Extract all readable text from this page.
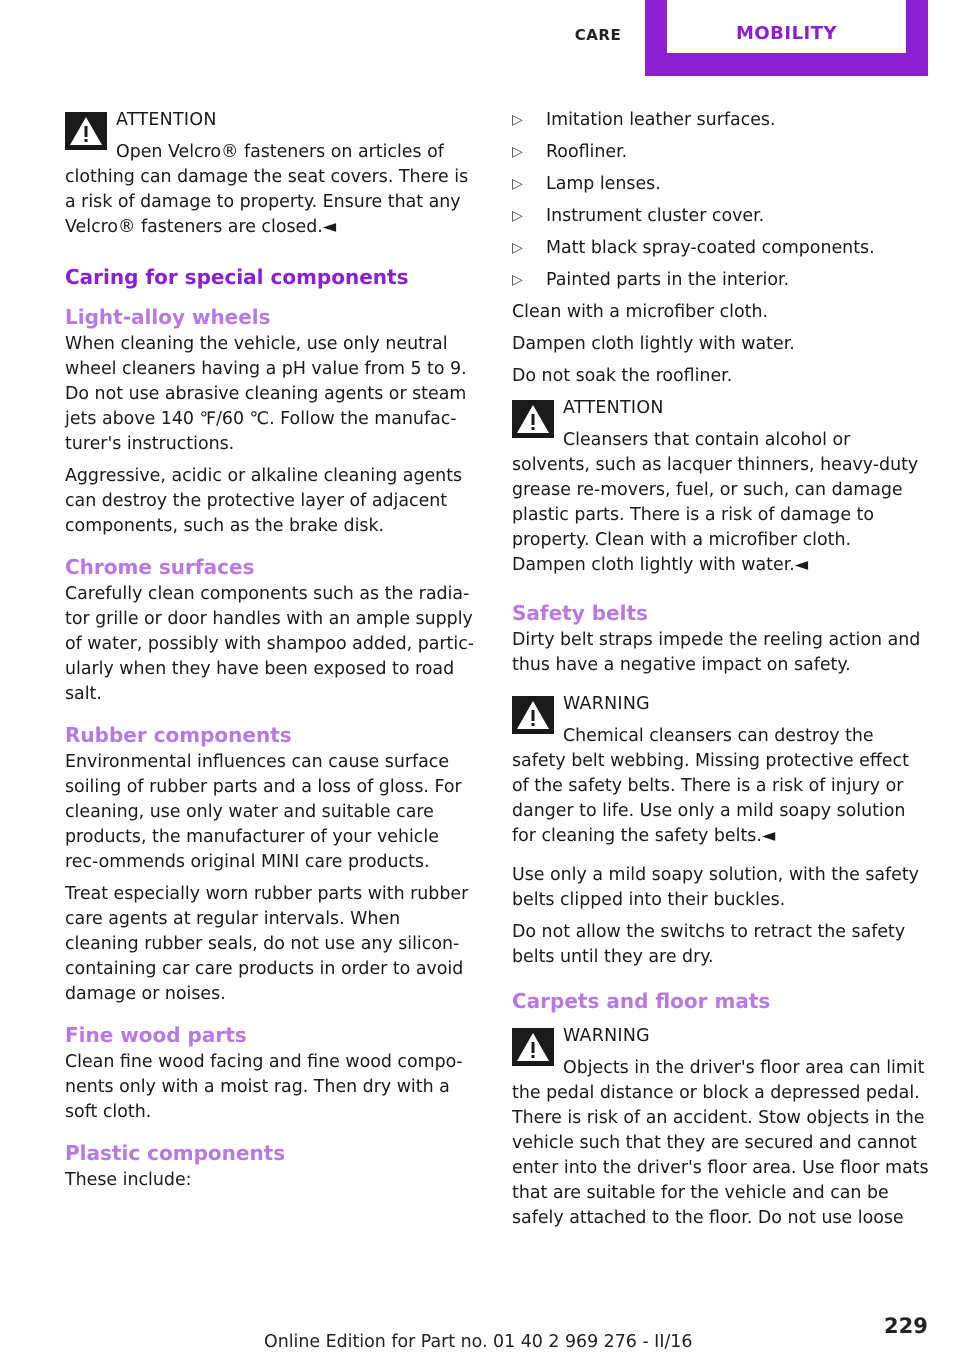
CARE	MOBILITY
ATTENTION

Open Velcro® fasteners on articles of clothing can damage the seat covers. There is a risk of damage to property. Ensure that any Velcro® fasteners are closed.◄

Caring for special components
Light-alloy wheels

When cleaning the vehicle, use only neutral wheel cleaners having a pH value from 5 to 9. Do not use abrasive cleaning agents or steam jets above 140 ℉/60 ℃. Follow the manufac‐turer's instructions.

Aggressive, acidic or alkaline cleaning agents can destroy the protective layer of adjacent components, such as the brake disk.

Chrome surfaces

Carefully clean components such as the radia‐tor grille or door handles with an ample supply of water, possibly with shampoo added, partic‐ularly when they have been exposed to road salt.

Rubber components

Environmental influences can cause surface soiling of rubber parts and a loss of gloss. For cleaning, use only water and suitable care products, the manufacturer of your vehicle rec‐ommends original MINI care products.

Treat especially worn rubber parts with rubber care agents at regular intervals. When cleaning rubber seals, do not use any silicon-containing car care products in order to avoid damage or noises.

Fine wood parts

Clean fine wood facing and fine wood compo‐nents only with a moist rag. Then dry with a soft cloth.

Plastic components

These include:

▷ Imitation leather surfaces.
▷ Roofliner.
▷ Lamp lenses.
▷ Instrument cluster cover.
▷ Matt black spray-coated components.
▷ Painted parts in the interior.

Clean with a microfiber cloth.

Dampen cloth lightly with water.

Do not soak the roofliner.

ATTENTION

Cleansers that contain alcohol or solvents, such as lacquer thinners, heavy-duty grease re‐movers, fuel, or such, can damage plastic parts. There is a risk of damage to property. Clean with a microfiber cloth. Dampen cloth lightly with water.◄

Safety belts

Dirty belt straps impede the reeling action and thus have a negative impact on safety.

WARNING

Chemical cleansers can destroy the safety belt webbing. Missing protective effect of the safety belts. There is a risk of injury or danger to life. Use only a mild soapy solution for cleaning the safety belts.◄

Use only a mild soapy solution, with the safety belts clipped into their buckles.

Do not allow the switchs to retract the safety belts until they are dry.

Carpets and floor mats
WARNING

Objects in the driver's floor area can limit the pedal distance or block a depressed pedal. There is risk of an accident. Stow objects in the vehicle such that they are secured and cannot enter into the driver's floor area. Use floor mats that are suitable for the vehicle and can be safely attached to the floor. Do not use loose

229
Online Edition for Part no. 01 40 2 969 276 - II/16
